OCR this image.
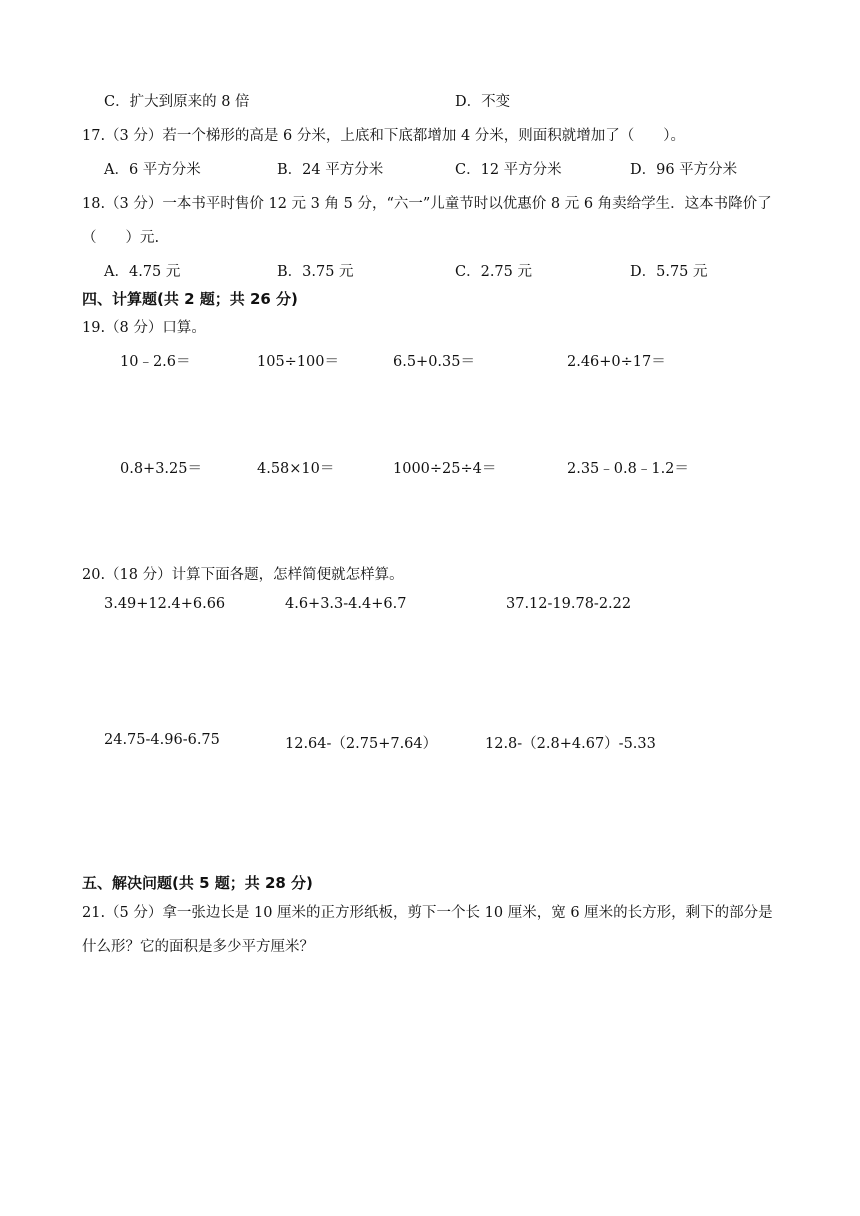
C．扩大到原来的 8 倍	D．不变
17.（3 分）若一个梯形的高是 6 分米，上底和下底都增加 4 分米，则面积就增加了（　　）。
A．6 平方分米	B．24 平方分米	C．12 平方分米	D．96 平方分米
18.（3 分）一本书平时售价 12 元 3 角 5 分，“六一”儿童节时以优惠价 8 元 6 角卖给学生．这本书降价了
（　　）元.
A．4.75 元	B．3.75 元	C．2.75 元	D．5.75 元
四、计算题(共 2 题；共 26 分)
19.（8 分）口算。
10﹣2.6＝	105÷100＝	6.5+0.35＝	2.46+0÷17＝
0.8+3.25＝	4.58×10＝	1000÷25÷4＝	2.35﹣0.8﹣1.2＝
20.（18 分）计算下面各题，怎样简便就怎样算。
3.49+12.4+6.66	4.6+3.3-4.4+6.7	37.12-19.78-2.22
24.75-4.96-6.75	12.64-（2.75+7.64）	12.8-（2.8+4.67）-5.33
五、解决问题(共 5 题；共 28 分)
21.（5 分）拿一张边长是 10 厘米的正方形纸板，剪下一个长 10 厘米，宽 6 厘米的长方形，剩下的部分是
什么形？它的面积是多少平方厘米？
